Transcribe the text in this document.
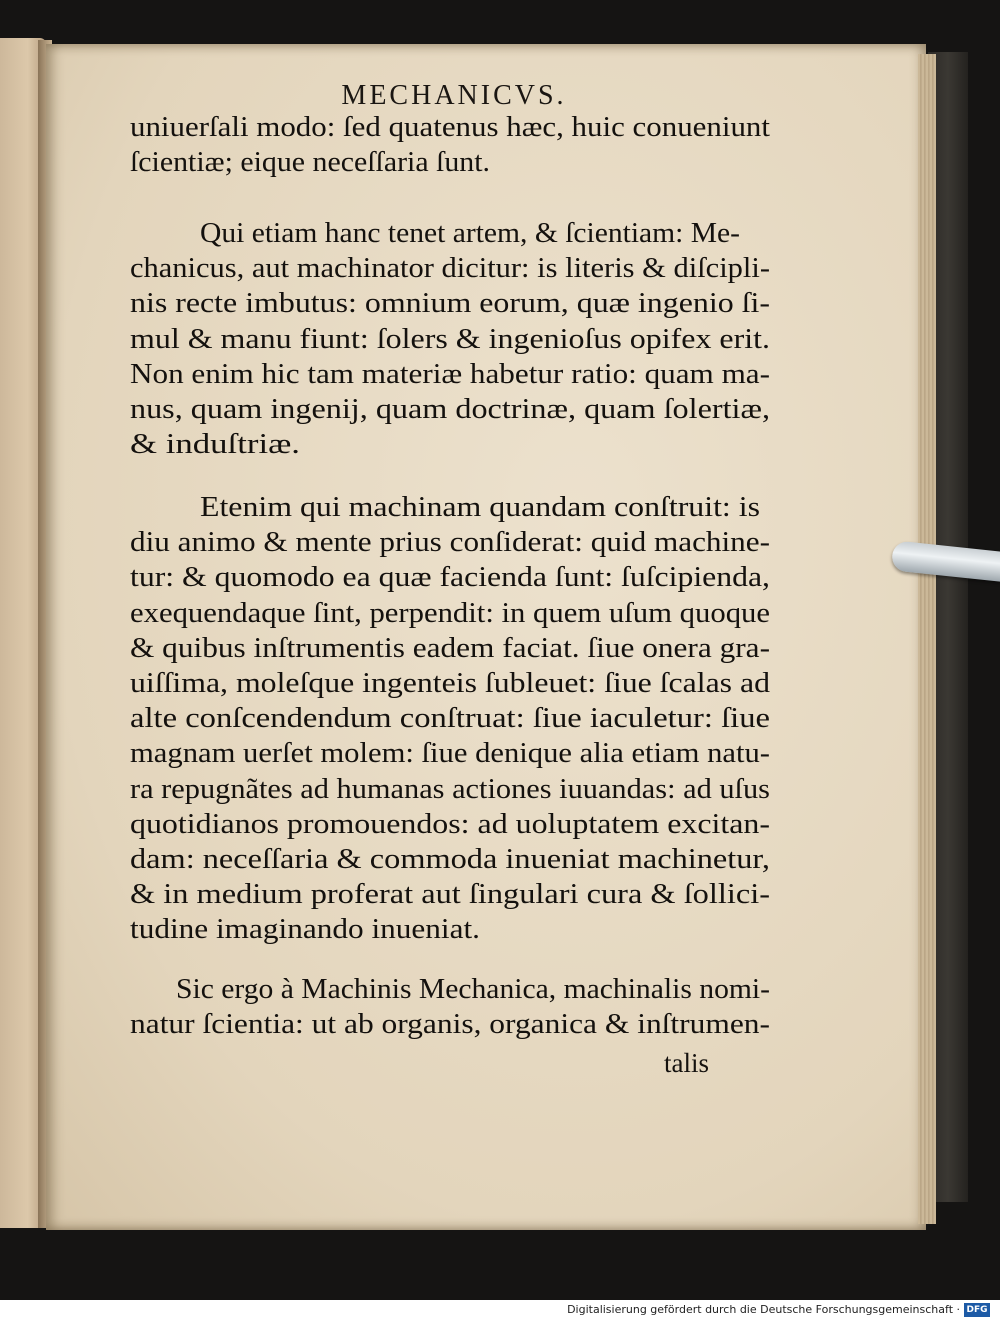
MECHANICVS.
uniuerſali modo: ſed quatenus hæc, huic conueniunt
ſcientiæ; eique neceſſaria ſunt.
Qui etiam hanc tenet artem, & ſcientiam: Me-
chanicus, aut machinator dicitur: is literis & diſcipli-
nis recte imbutus: omnium eorum, quæ ingenio ſi-
mul & manu fiunt: ſolers & ingenioſus opifex erit.
Non enim hic tam materiæ habetur ratio: quam ma-
nus, quam ingenij, quam doctrinæ, quam ſolertiæ,
& induſtriæ.
Etenim qui machinam quandam conſtruit: is
diu animo & mente prius conſiderat: quid machine-
tur: & quomodo ea quæ facienda ſunt: ſuſcipienda,
exequendaque ſint, perpendit: in quem uſum quoque
& quibus inſtrumentis eadem faciat. ſiue onera gra-
uiſſima, moleſque ingenteis ſubleuet: ſiue ſcalas ad
alte conſcendendum conſtruat: ſiue iaculetur: ſiue
magnam uerſet molem: ſiue denique alia etiam natu-
ra repugnãtes ad humanas actiones iuuandas: ad uſus
quotidianos promouendos: ad uoluptatem excitan-
dam: neceſſaria & commoda inueniat machinetur,
& in medium proferat aut ſingulari cura & ſollici-
tudine imaginando inueniat.
Sic ergo à Machinis Mechanica, machinalis nomi-
natur ſcientia: ut ab organis, organica & inſtrumen-
talis
Digitalisierung gefördert durch die Deutsche Forschungsgemeinschaft · DFG
